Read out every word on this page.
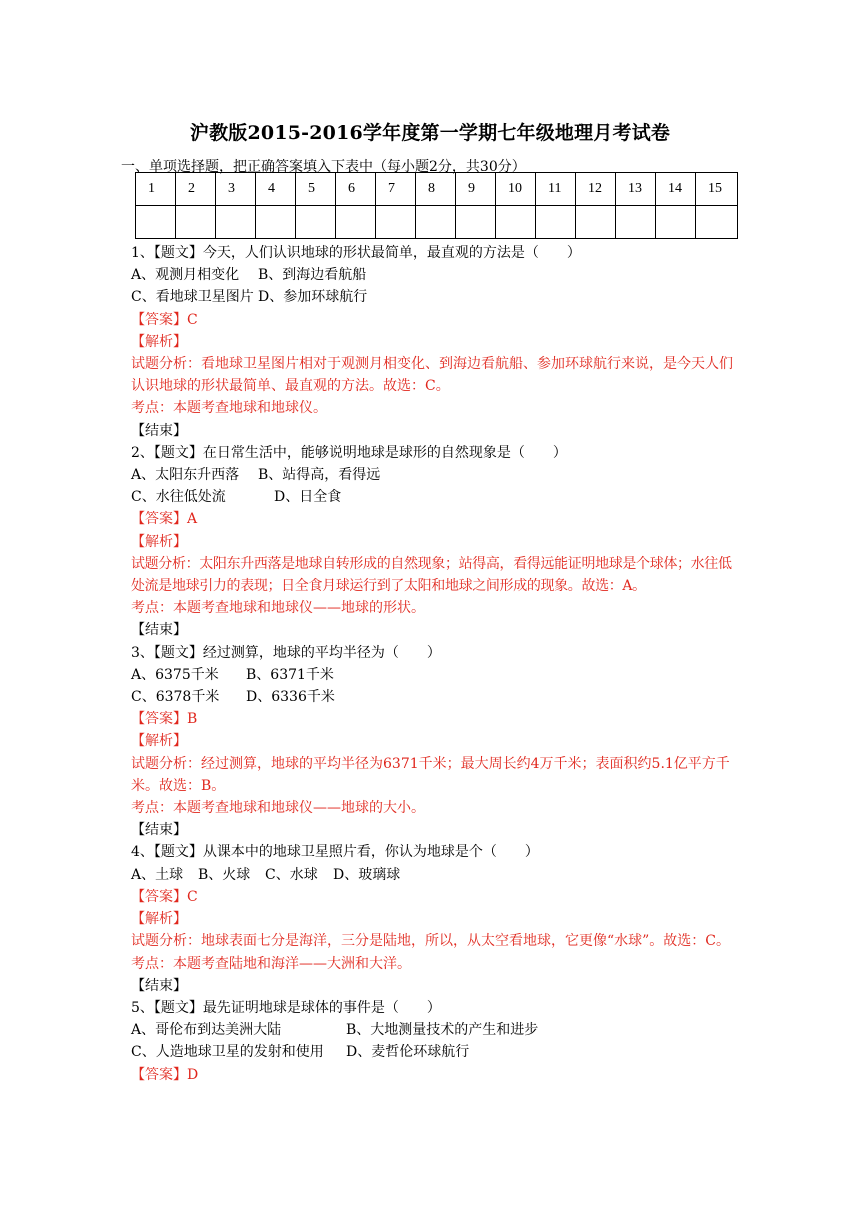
沪教版2015-2016学年度第一学期七年级地理月考试卷
一、单项选择题，把正确答案填入下表中（每小题2分，共30分）
1	2	3	4	5	6	7	8	9	10	11	12	13	14	15

1、【题文】今天，人们认识地球的形状最简单，最直观的方法是（　　）
A、观测月相变化 B、到海边看航船
C、看地球卫星图片 D、参加环球航行
【答案】C
【解析】
试题分析：看地球卫星图片相对于观测月相变化、到海边看航船、参加环球航行来说，是今天人们认识地球的形状最简单、最直观的方法。故选：C。
考点：本题考查地球和地球仪。
【结束】
2、【题文】在日常生活中，能够说明地球是球形的自然现象是（　　）
A、太阳东升西落 B、站得高，看得远
C、水往低处流	D、日全食
【答案】A
【解析】
试题分析：太阳东升西落是地球自转形成的自然现象；站得高，看得远能证明地球是个球体；水往低处流是地球引力的表现；日全食月球运行到了太阳和地球之间形成的现象。故选：A。
考点：本题考查地球和地球仪——地球的形状。
【结束】
3、【题文】经过测算，地球的平均半径为（　　）
A、6375千米 B、6371千米
C、6378千米 D、6336千米
【答案】B
【解析】
试题分析：经过测算，地球的平均半径为6371千米；最大周长约4万千米；表面积约5.1亿平方千米。故选：B。
考点：本题考查地球和地球仪——地球的大小。
【结束】
4、【题文】从课本中的地球卫星照片看，你认为地球是个（　　）
A、土球 B、火球 C、水球 D、玻璃球
【答案】C
【解析】
试题分析：地球表面七分是海洋，三分是陆地，所以，从太空看地球，它更像“水球”。故选：C。
考点：本题考查陆地和海洋——大洲和大洋。
【结束】
5、【题文】最先证明地球是球体的事件是（　　）
A、哥伦布到达美洲大陆	B、大地测量技术的产生和进步
C、人造地球卫星的发射和使用 D、麦哲伦环球航行
【答案】D
